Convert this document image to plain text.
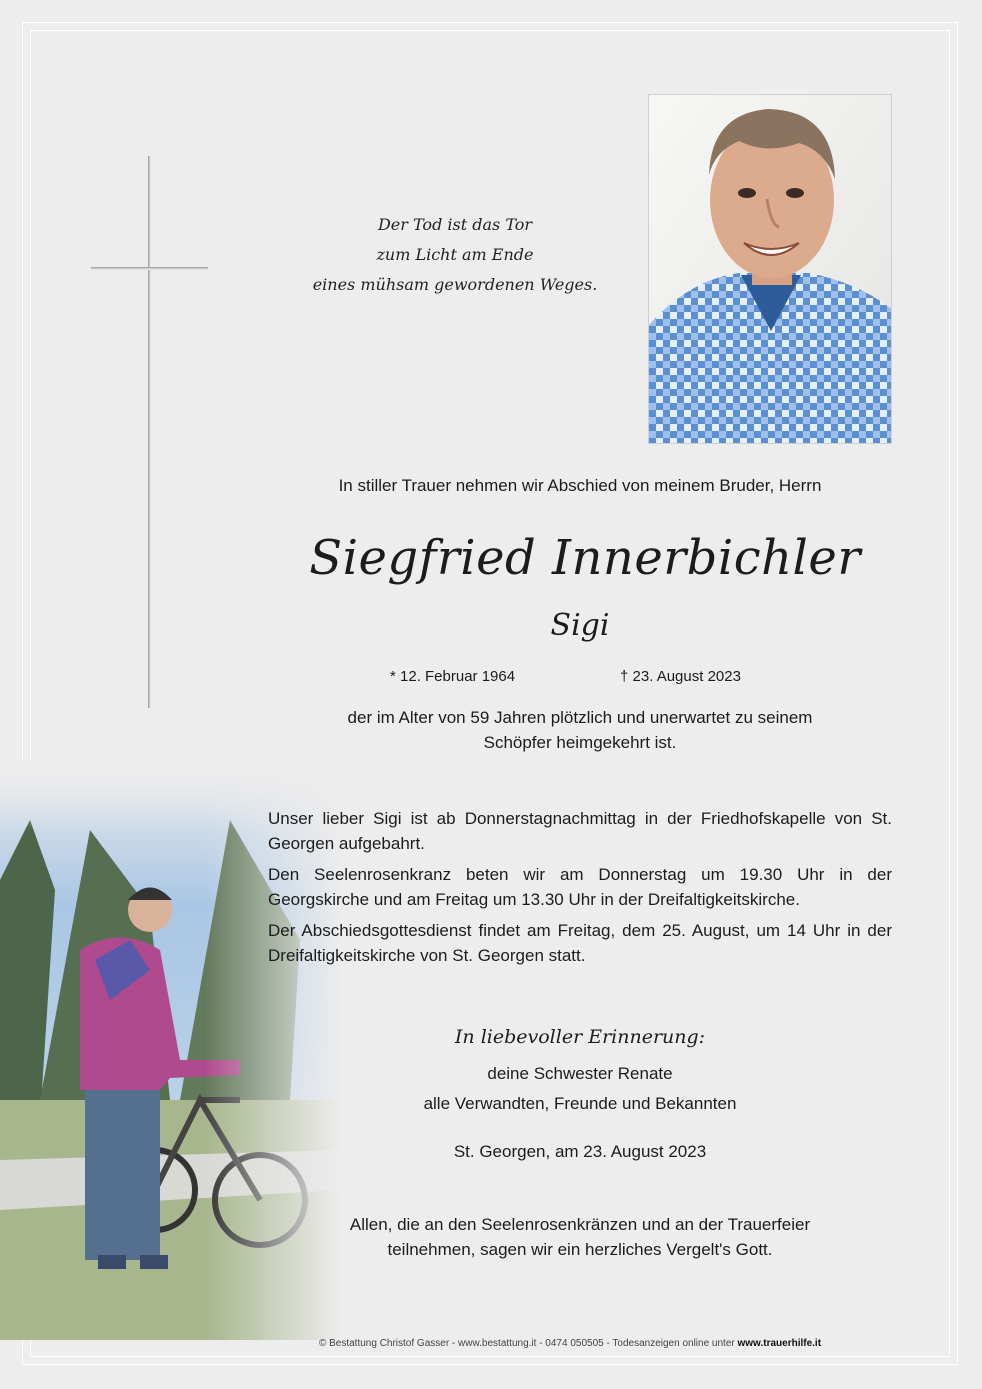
Der Tod ist das Tor
zum Licht am Ende
eines mühsam gewordenen Weges.
In stiller Trauer nehmen wir Abschied von meinem Bruder, Herrn
Siegfried Innerbichler
Sigi
* 12. Februar 1964	† 23. August 2023
der im Alter von 59 Jahren plötzlich und unerwartet zu seinem
Schöpfer heimgekehrt ist.
Unser lieber Sigi ist ab Donnerstagnachmittag in der Friedhofskapelle von St. Georgen aufgebahrt.
Den Seelenrosenkranz beten wir am Donnerstag um 19.30 Uhr in der Georgskirche und am Freitag um 13.30 Uhr in der Dreifaltigkeitskirche.
Der Abschiedsgottesdienst findet am Freitag, dem 25. August, um 14 Uhr in der Dreifaltigkeitskirche von St. Georgen statt.
In liebevoller Erinnerung:
deine Schwester Renate
alle Verwandten, Freunde und Bekannten
St. Georgen, am 23. August 2023
Allen, die an den Seelenrosenkränzen und an der Trauerfeier
teilnehmen, sagen wir ein herzliches Vergelt's Gott.
© Bestattung Christof Gasser - www.bestattung.it - 0474 050505 - Todesanzeigen online unter www.trauerhilfe.it
